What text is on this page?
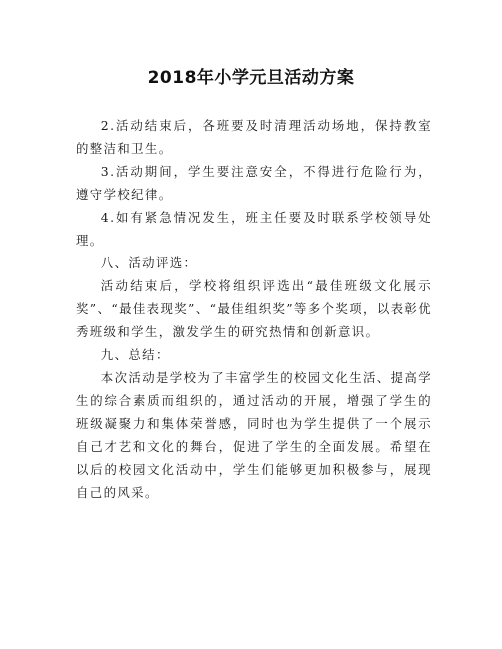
2018年小学元旦活动方案

2.活动结束后，各班要及时清理活动场地，保持教室的整洁和卫生。

3.活动期间，学生要注意安全，不得进行危险行为，遵守学校纪律。

4.如有紧急情况发生，班主任要及时联系学校领导处理。

八、活动评选：

活动结束后，学校将组织评选出“最佳班级文化展示奖”、“最佳表现奖”、“最佳组织奖”等多个奖项，以表彰优秀班级和学生，激发学生的研究热情和创新意识。

九、总结：

本次活动是学校为了丰富学生的校园文化生活、提高学生的综合素质而组织的，通过活动的开展，增强了学生的班级凝聚力和集体荣誉感，同时也为学生提供了一个展示自己才艺和文化的舞台，促进了学生的全面发展。希望在以后的校园文化活动中，学生们能够更加积极参与，展现自己的风采。
